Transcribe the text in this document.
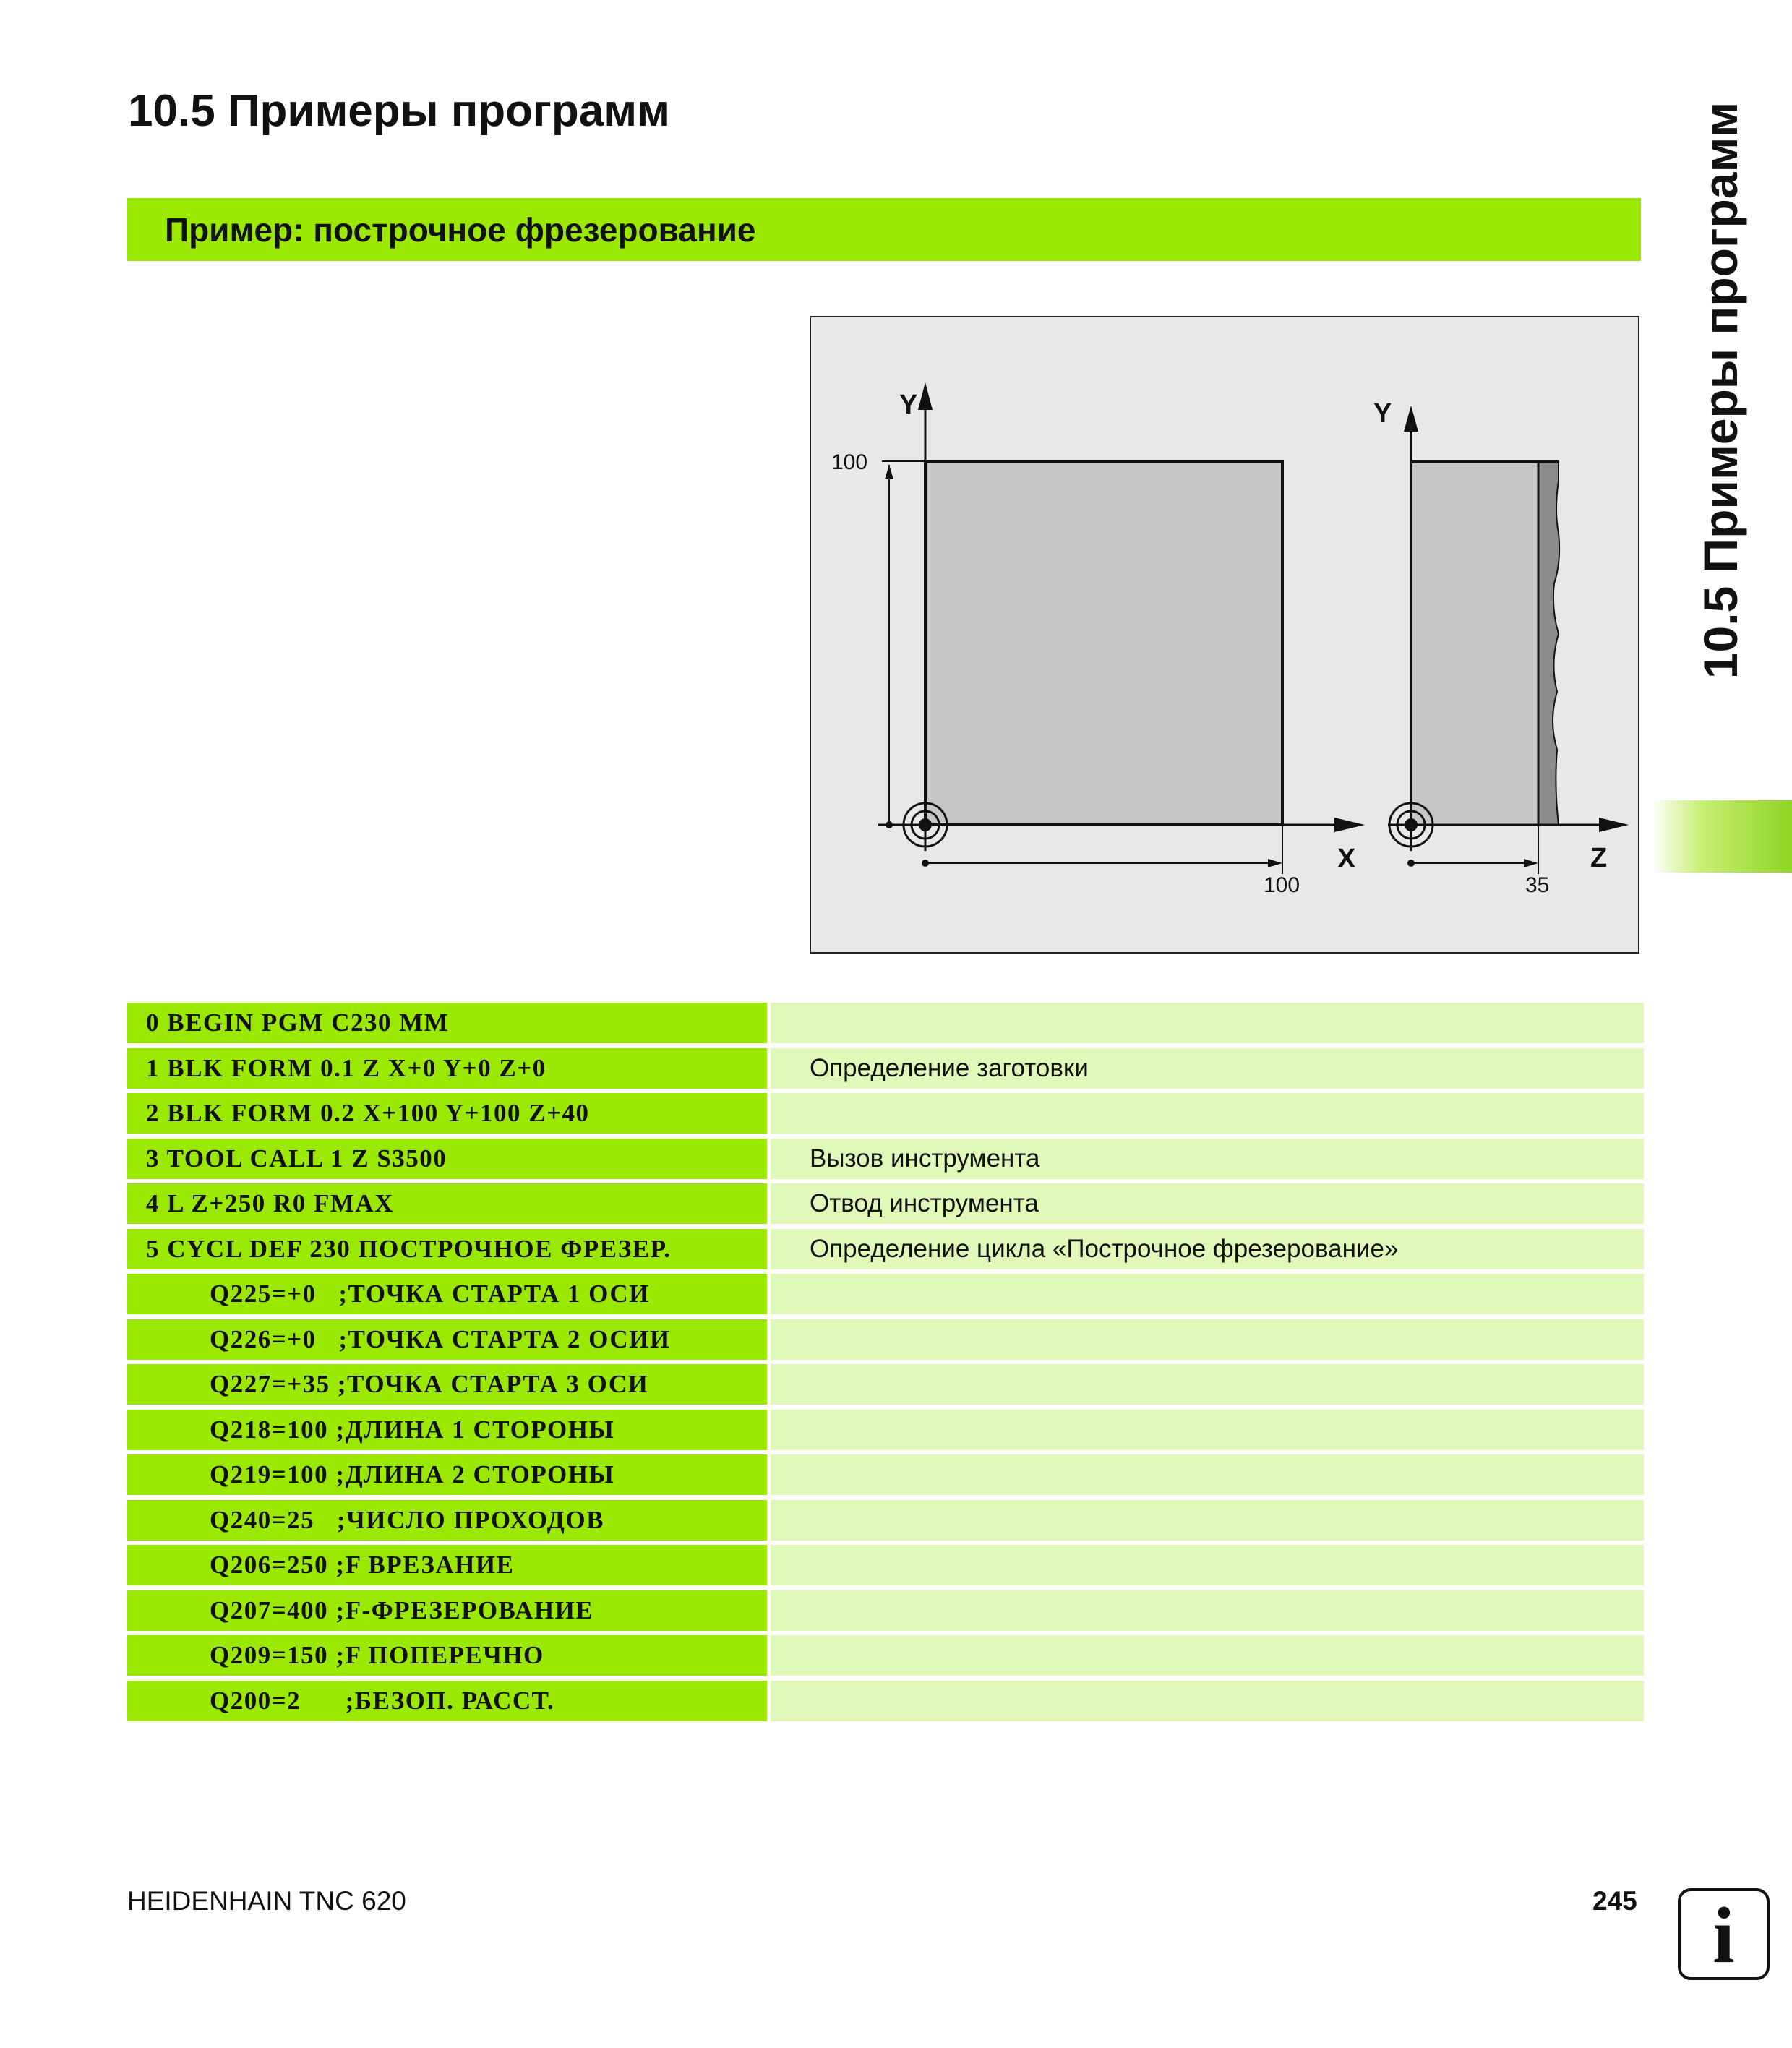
10.5 Примеры программ
Пример: построчное фрезерование	10.5 Примеры программ
Y
X
100
100
Y
Z
35
0 BEGIN PGM C230 MM
1 BLK FORM 0.1 Z X+0 Y+0 Z+0	Определение заготовки
2 BLK FORM 0.2 X+100 Y+100 Z+40
3 TOOL CALL 1 Z S3500	Вызов инструмента
4 L Z+250 R0 FMAX	Отвод инструмента
5 CYCL DEF 230 ПОСТРОЧНОЕ ФРЕЗЕР.	Определение цикла «Построчное фрезерование»
Q225=+0   ;ТОЧКА СТАРТА 1 ОСИ
Q226=+0   ;ТОЧКА СТАРТА 2 ОСИИ
Q227=+35 ;ТОЧКА СТАРТА 3 ОСИ
Q218=100 ;ДЛИНА 1 СТОРОНЫ
Q219=100 ;ДЛИНА 2 СТОРОНЫ
Q240=25   ;ЧИСЛО ПРОХОДОВ
Q206=250 ;F ВРЕЗАНИЕ
Q207=400 ;F-ФРЕЗЕРОВАНИЕ
Q209=150 ;F ПОПЕРЕЧНО
Q200=2      ;БЕЗОП. РАССТ.
HEIDENHAIN TNC 620	245 i
